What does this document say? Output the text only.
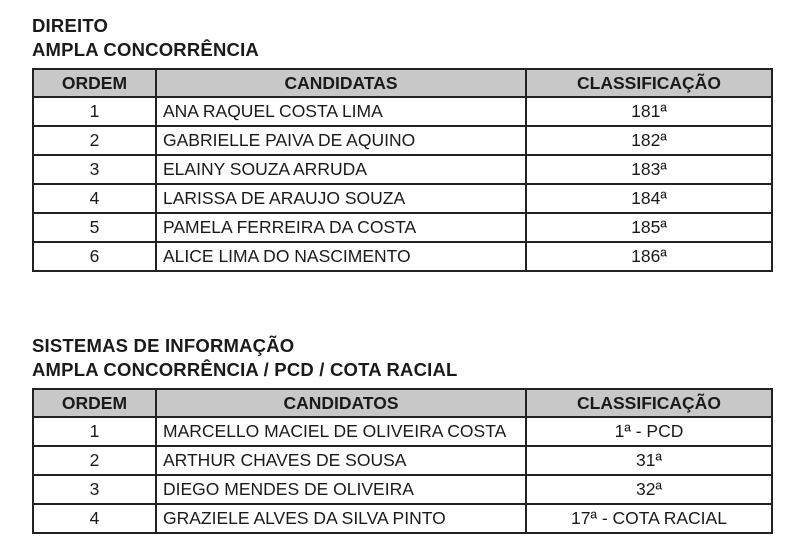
DIREITO
AMPLA CONCORRÊNCIA
ORDEM	CANDIDATAS	CLASSIFICAÇÃO
1	ANA RAQUEL COSTA LIMA	181ª
2	GABRIELLE PAIVA DE AQUINO	182ª
3	ELAINY SOUZA ARRUDA	183ª
4	LARISSA DE ARAUJO SOUZA	184ª
5	PAMELA FERREIRA DA COSTA	185ª
6	ALICE LIMA DO NASCIMENTO	186ª
SISTEMAS DE INFORMAÇÃO
AMPLA CONCORRÊNCIA / PCD / COTA RACIAL
ORDEM	CANDIDATOS	CLASSIFICAÇÃO
1	MARCELLO MACIEL DE OLIVEIRA COSTA	1ª - PCD
2	ARTHUR CHAVES DE SOUSA	31ª
3	DIEGO MENDES DE OLIVEIRA	32ª
4	GRAZIELE ALVES DA SILVA PINTO	17ª - COTA RACIAL
